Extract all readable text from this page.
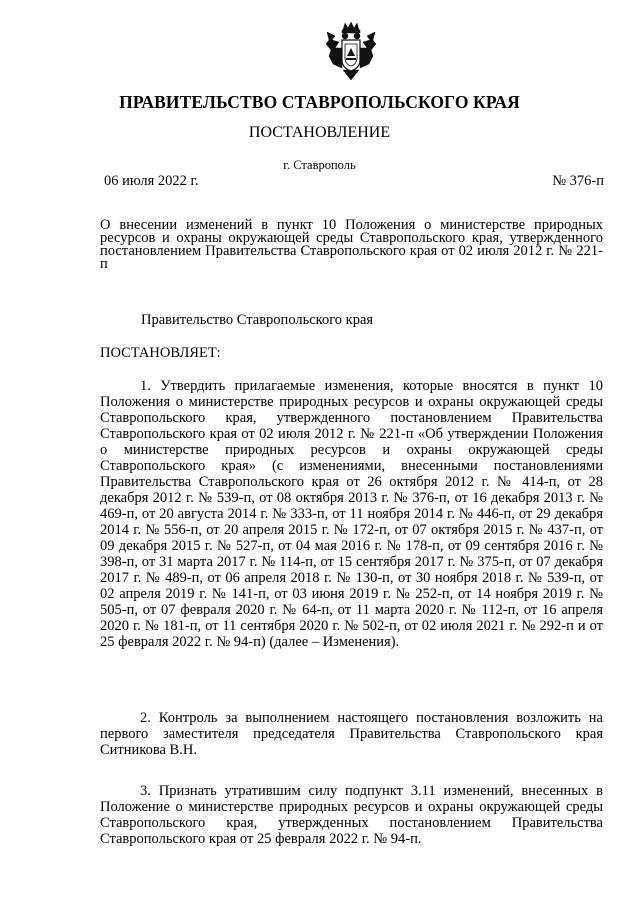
ПРАВИТЕЛЬСТВО СТАВРОПОЛЬСКОГО КРАЯ
ПОСТАНОВЛЕНИЕ
г. Ставрополь
06 июля 2022 г.	№ 376-п
О внесении изменений в пункт 10 Положения о министерстве природных ресурсов и охраны окружающей среды Ставропольского края, утвержденного постановлением Правительства Ставропольского края от 02 июля 2012 г. № 221-п
Правительство Ставропольского края
ПОСТАНОВЛЯЕТ:
1. Утвердить прилагаемые изменения, которые вносятся в пункт 10 Положения о министерстве природных ресурсов и охраны окружающей среды Ставропольского края, утвержденного постановлением Правительства Ставропольского края от 02 июля 2012 г. № 221-п «Об утверждении Положения о министерстве природных ресурсов и охраны окружающей среды Ставропольского края» (с изменениями, внесенными постановлениями Правительства Ставропольского края от 26 октября 2012 г. № 414-п, от 28 декабря 2012 г. № 539-п, от 08 октября 2013 г. № 376-п, от 16 декабря 2013 г. № 469-п, от 20 августа 2014 г. № 333-п, от 11 ноября 2014 г. № 446-п, от 29 декабря 2014 г. № 556-п, от 20 апреля 2015 г. № 172-п, от 07 октября 2015 г. № 437-п, от 09 декабря 2015 г. № 527-п, от 04 мая 2016 г. № 178-п, от 09 сентября 2016 г. № 398-п, от 31 марта 2017 г. № 114-п, от 15 сентября 2017 г. № 375-п, от 07 декабря 2017 г. № 489-п, от 06 апреля 2018 г. № 130-п, от 30 ноября 2018 г. № 539-п, от 02 апреля 2019 г. № 141-п, от 03 июня 2019 г. № 252-п, от 14 ноября 2019 г. № 505-п, от 07 февраля 2020 г. № 64-п, от 11 марта 2020 г. № 112-п, от 16 апреля 2020 г. № 181-п, от 11 сентября 2020 г. № 502-п, от 02 июля 2021 г. № 292-п и от 25 февраля 2022 г. № 94-п) (далее – Изменения).
2. Контроль за выполнением настоящего постановления возложить на первого заместителя председателя Правительства Ставропольского края Ситникова В.Н.
3. Признать утратившим силу подпункт 3.11 изменений, внесенных в Положение о министерстве природных ресурсов и охраны окружающей среды Ставропольского края, утвержденных постановлением Правительства Ставропольского края от 25 февраля 2022 г. № 94-п.
